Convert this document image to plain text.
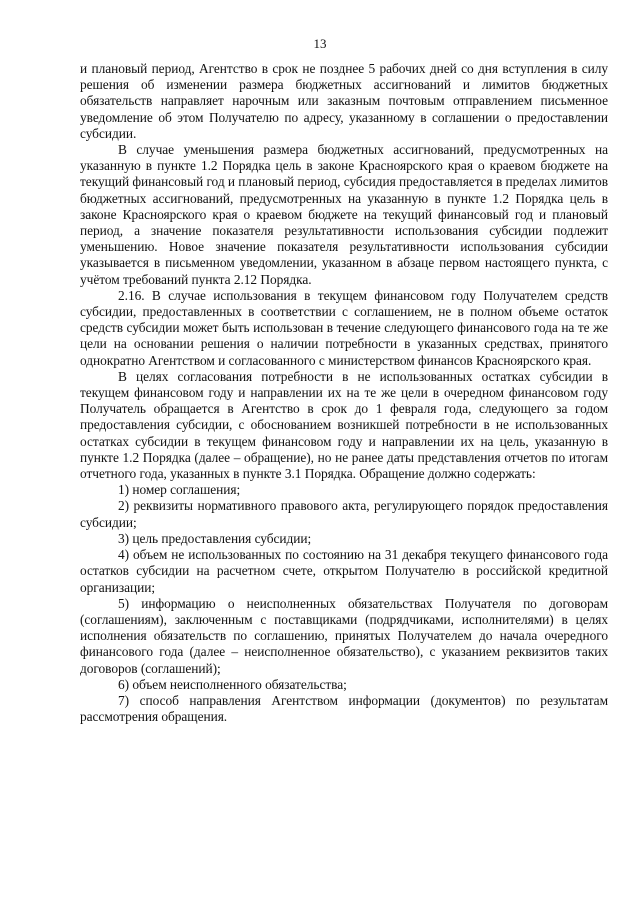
13

и плановый период, Агентство в срок не позднее 5 рабочих дней со дня вступления в силу решения об изменении размера бюджетных ассигнований и лимитов бюджетных обязательств направляет нарочным или заказным почтовым отправлением письменное уведомление об этом Получателю по адресу, указанному в соглашении о предоставлении субсидии.

В случае уменьшения размера бюджетных ассигнований, предусмотренных на указанную в пункте 1.2 Порядка цель в законе Красноярского края о краевом бюджете на текущий финансовый год и плановый период, субсидия предоставляется в пределах лимитов бюджетных ассигнований, предусмотренных на указанную в пункте 1.2 Порядка цель в законе Красноярского края о краевом бюджете на текущий финансовый год и плановый период, а значение показателя результативности использования субсидии подлежит уменьшению. Новое значение показателя результативности использования субсидии указывается в письменном уведомлении, указанном в абзаце первом настоящего пункта, с учётом требований пункта 2.12 Порядка.

2.16. В случае использования в текущем финансовом году Получателем средств субсидии, предоставленных в соответствии с соглашением, не в полном объеме остаток средств субсидии может быть использован в течение следующего финансового года на те же цели на основании решения о наличии потребности в указанных средствах, принятого однократно Агентством и согласованного с министерством финансов Красноярского края.

В целях согласования потребности в не использованных остатках субсидии в текущем финансовом году и направлении их на те же цели в очередном финансовом году Получатель обращается в Агентство в срок до 1 февраля года, следующего за годом предоставления субсидии, с обоснованием возникшей потребности в не использованных остатках субсидии в текущем финансовом году и направлении их на цель, указанную в пункте 1.2 Порядка (далее – обращение), но не ранее даты представления отчетов по итогам отчетного года, указанных в пункте 3.1 Порядка. Обращение должно содержать:

1) номер соглашения;

2) реквизиты нормативного правового акта, регулирующего порядок предоставления субсидии;

3) цель предоставления субсидии;

4) объем не использованных по состоянию на 31 декабря текущего финансового года остатков субсидии на расчетном счете, открытом Получателю в российской кредитной организации;

5) информацию о неисполненных обязательствах Получателя по договорам (соглашениям), заключенным с поставщиками (подрядчиками, исполнителями) в целях исполнения обязательств по соглашению, принятых Получателем до начала очередного финансового года (далее – неисполненное обязательство), с указанием реквизитов таких договоров (соглашений);

6) объем неисполненного обязательства;

7) способ направления Агентством информации (документов) по результатам рассмотрения обращения.
